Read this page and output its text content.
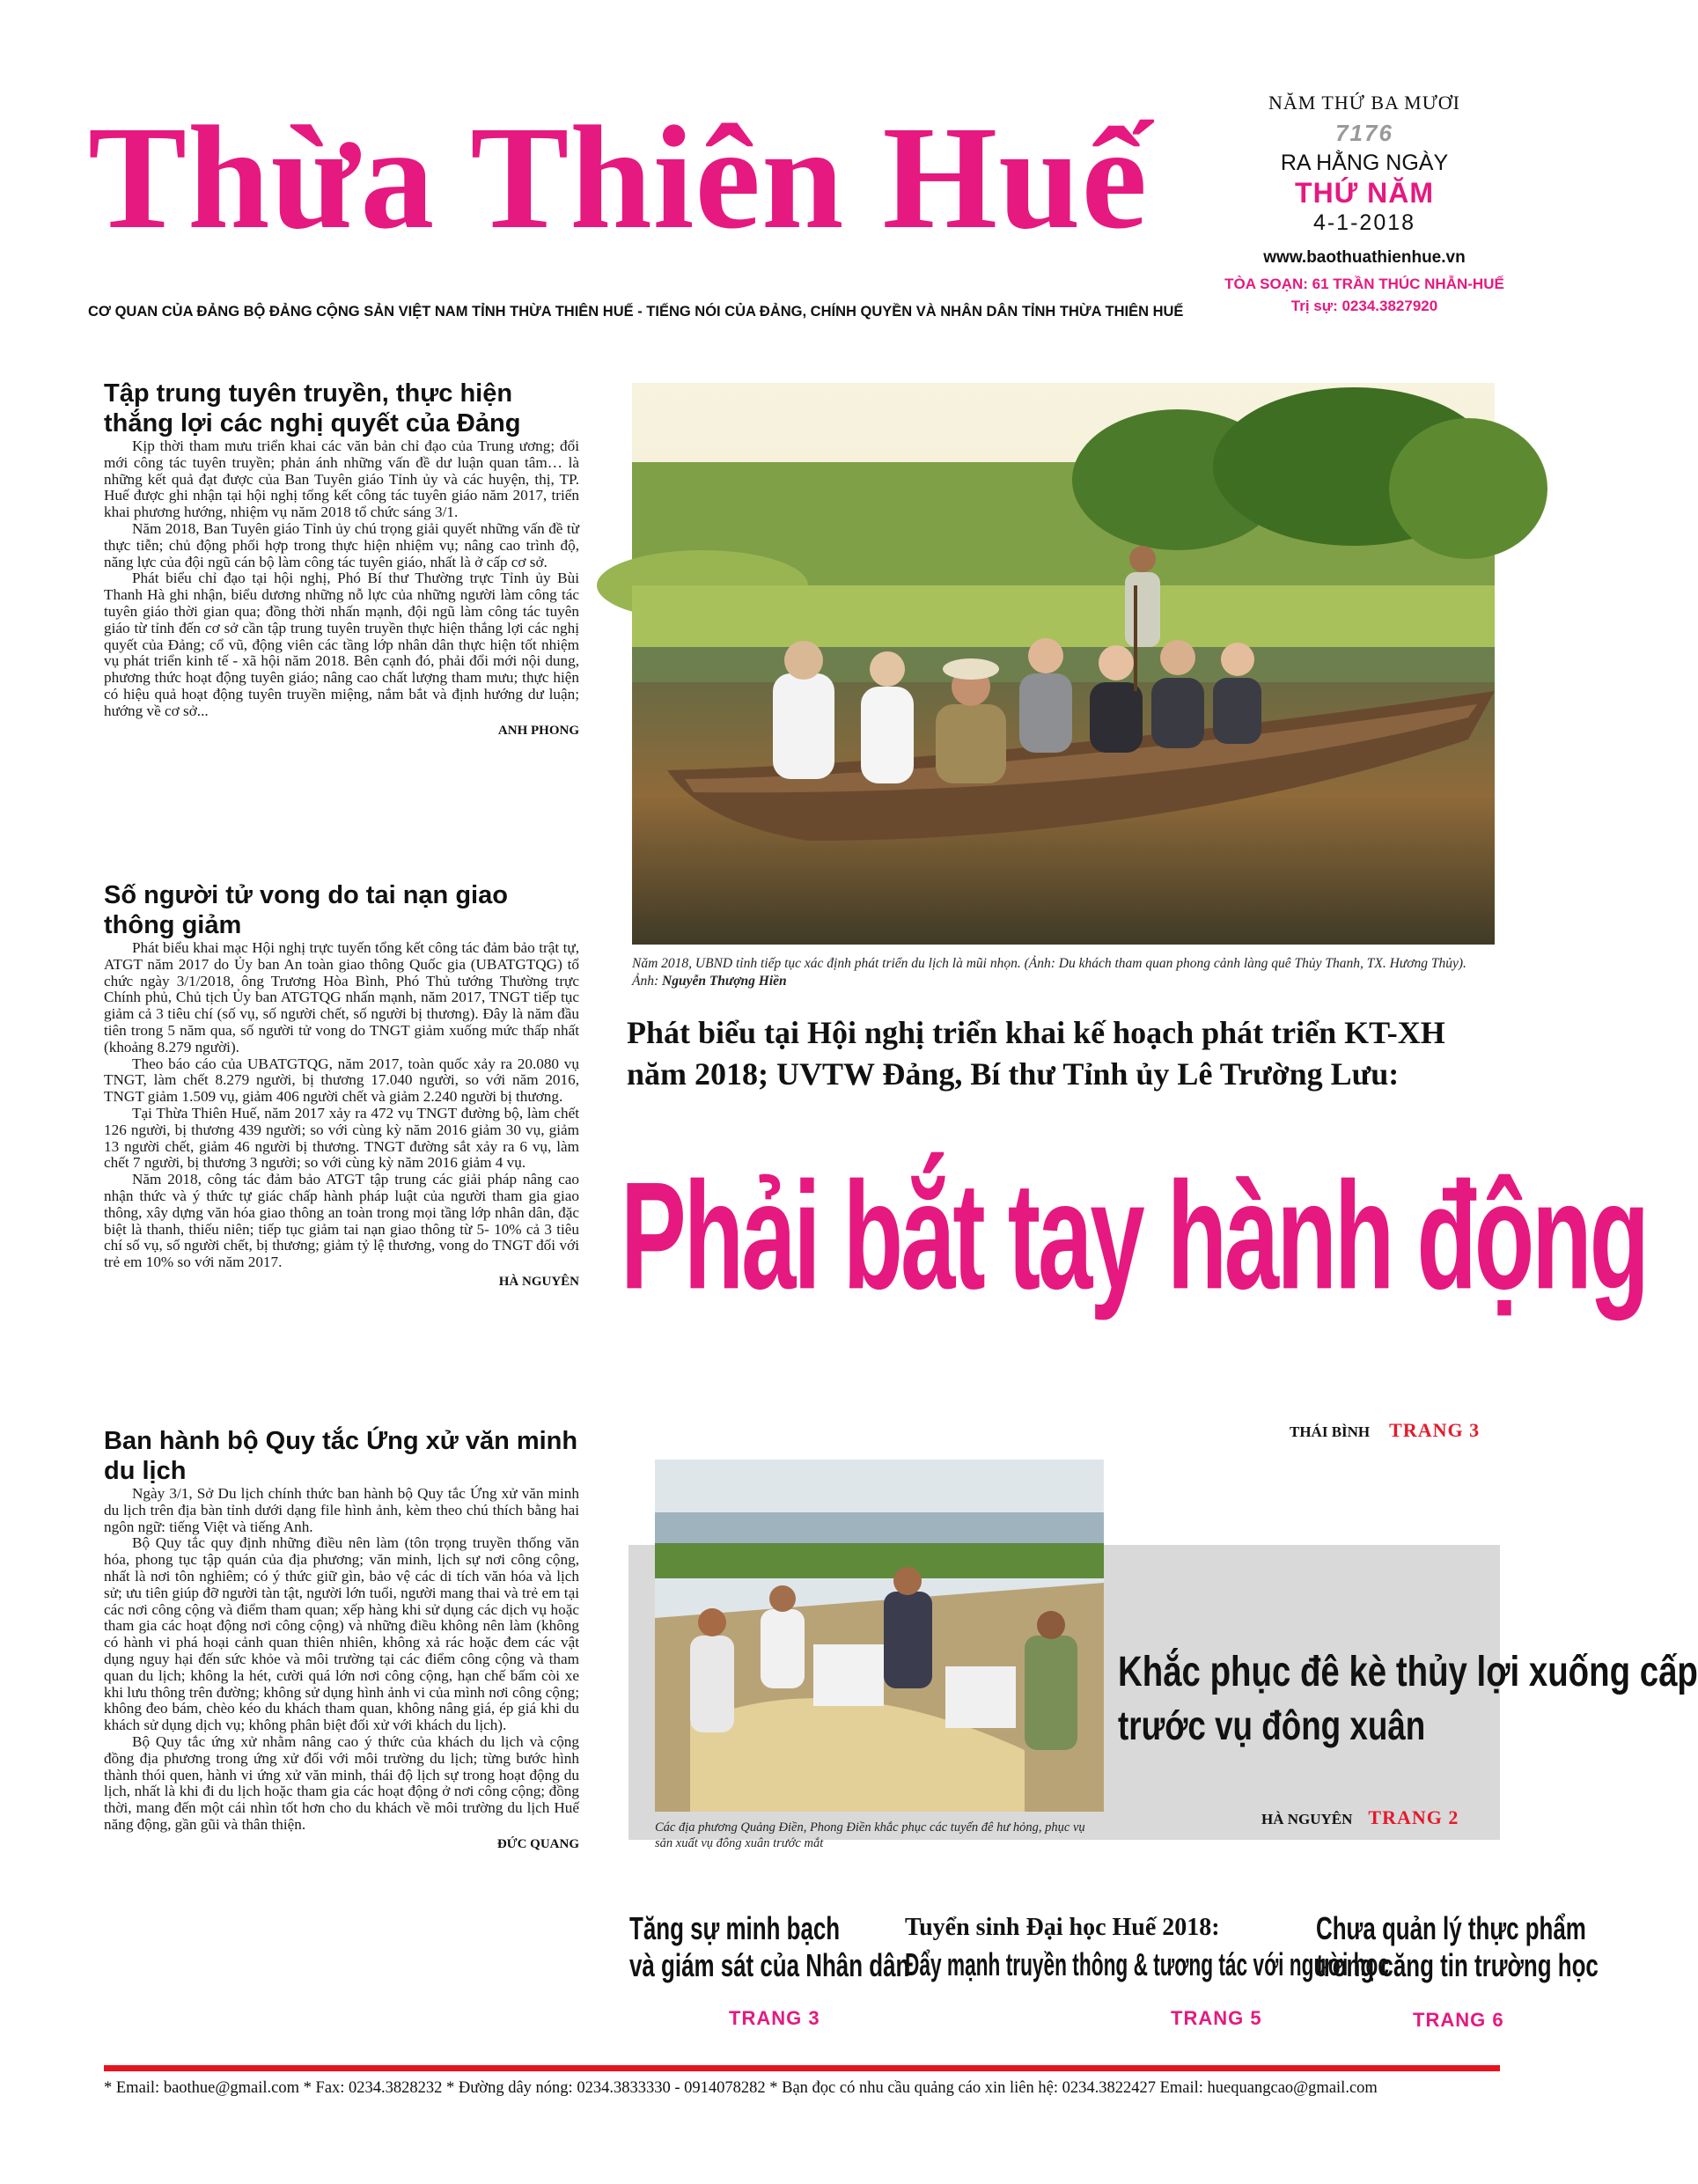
Thừa Thiên Huế
CƠ QUAN CỦA ĐẢNG BỘ ĐẢNG CỘNG SẢN VIỆT NAM TỈNH THỪA THIÊN HUẾ - TIẾNG NÓI CỦA ĐẢNG, CHÍNH QUYỀN VÀ NHÂN DÂN TỈNH THỪA THIÊN HUẾ
NĂM THỨ BA MƯƠI
7176
RA HẰNG NGÀY
THỨ NĂM
4-1-2018
www.baothuathienhue.vn
TÒA SOẠN: 61 TRẦN THÚC NHẪN-HUẾ
Trị sự: 0234.3827920
Tập trung tuyên truyền, thực hiện thắng lợi các nghị quyết của Đảng

Kịp thời tham mưu triển khai các văn bản chỉ đạo của Trung ương; đổi mới công tác tuyên truyền; phản ánh những vấn đề dư luận quan tâm… là những kết quả đạt được của Ban Tuyên giáo Tỉnh ủy và các huyện, thị, TP. Huế được ghi nhận tại hội nghị tổng kết công tác tuyên giáo năm 2017, triển khai phương hướng, nhiệm vụ năm 2018 tổ chức sáng 3/1.

Năm 2018, Ban Tuyên giáo Tỉnh ủy chú trọng giải quyết những vấn đề từ thực tiễn; chủ động phối hợp trong thực hiện nhiệm vụ; nâng cao trình độ, năng lực của đội ngũ cán bộ làm công tác tuyên giáo, nhất là ở cấp cơ sở.

Phát biểu chỉ đạo tại hội nghị, Phó Bí thư Thường trực Tỉnh ủy Bùi Thanh Hà ghi nhận, biểu dương những nỗ lực của những người làm công tác tuyên giáo thời gian qua; đồng thời nhấn mạnh, đội ngũ làm công tác tuyên giáo từ tỉnh đến cơ sở cần tập trung tuyên truyền thực hiện thắng lợi các nghị quyết của Đảng; cổ vũ, động viên các tầng lớp nhân dân thực hiện tốt nhiệm vụ phát triển kinh tế - xã hội năm 2018. Bên cạnh đó, phải đổi mới nội dung, phương thức hoạt động tuyên giáo; nâng cao chất lượng tham mưu; thực hiện có hiệu quả hoạt động tuyên truyền miệng, nắm bắt và định hướng dư luận; hướng về cơ sở...

ANH PHONG
Số người tử vong do tai nạn giao thông giảm

Phát biểu khai mạc Hội nghị trực tuyến tổng kết công tác đảm bảo trật tự, ATGT năm 2017 do Ủy ban An toàn giao thông Quốc gia (UBATGTQG) tổ chức ngày 3/1/2018, ông Trương Hòa Bình, Phó Thủ tướng Thường trực Chính phủ, Chủ tịch Ủy ban ATGTQG nhấn mạnh, năm 2017, TNGT tiếp tục giảm cả 3 tiêu chí (số vụ, số người chết, số người bị thương). Đây là năm đầu tiên trong 5 năm qua, số người tử vong do TNGT giảm xuống mức thấp nhất (khoảng 8.279 người).

Theo báo cáo của UBATGTQG, năm 2017, toàn quốc xảy ra 20.080 vụ TNGT, làm chết 8.279 người, bị thương 17.040 người, so với năm 2016, TNGT giảm 1.509 vụ, giảm 406 người chết và giảm 2.240 người bị thương.

Tại Thừa Thiên Huế, năm 2017 xảy ra 472 vụ TNGT đường bộ, làm chết 126 người, bị thương 439 người; so với cùng kỳ năm 2016 giảm 30 vụ, giảm 13 người chết, giảm 46 người bị thương. TNGT đường sắt xảy ra 6 vụ, làm chết 7 người, bị thương 3 người; so với cùng kỳ năm 2016 giảm 4 vụ.

Năm 2018, công tác đảm bảo ATGT tập trung các giải pháp nâng cao nhận thức và ý thức tự giác chấp hành pháp luật của người tham gia giao thông, xây dựng văn hóa giao thông an toàn trong mọi tầng lớp nhân dân, đặc biệt là thanh, thiếu niên; tiếp tục giảm tai nạn giao thông từ 5- 10% cả 3 tiêu chí số vụ, số người chết, bị thương; giảm tỷ lệ thương, vong do TNGT đối với trẻ em 10% so với năm 2017.

HÀ NGUYÊN
Ban hành bộ Quy tắc Ứng xử văn minh du lịch

Ngày 3/1, Sở Du lịch chính thức ban hành bộ Quy tắc Ứng xử văn minh du lịch trên địa bàn tỉnh dưới dạng file hình ảnh, kèm theo chú thích bằng hai ngôn ngữ: tiếng Việt và tiếng Anh.

Bộ Quy tắc quy định những điều nên làm (tôn trọng truyền thống văn hóa, phong tục tập quán của địa phương; văn minh, lịch sự nơi công cộng, nhất là nơi tôn nghiêm; có ý thức giữ gìn, bảo vệ các di tích văn hóa và lịch sử; ưu tiên giúp đỡ người tàn tật, người lớn tuổi, người mang thai và trẻ em tại các nơi công cộng và điểm tham quan; xếp hàng khi sử dụng các dịch vụ hoặc tham gia các hoạt động nơi công cộng) và những điều không nên làm (không có hành vi phá hoại cảnh quan thiên nhiên, không xả rác hoặc đem các vật dụng nguy hại đến sức khỏe và môi trường tại các điểm công cộng và tham quan du lịch; không la hét, cười quá lớn nơi công cộng, hạn chế bấm còi xe khi lưu thông trên đường; không sử dụng hình ảnh vi của mình nơi công cộng; không đeo bám, chèo kéo du khách tham quan, không nâng giá, ép giá khi du khách sử dụng dịch vụ; không phân biệt đối xử với khách du lịch).

Bộ Quy tắc ứng xử nhằm nâng cao ý thức của khách du lịch và cộng đồng địa phương trong ứng xử đối với môi trường du lịch; từng bước hình thành thói quen, hành vi ứng xử văn minh, thái độ lịch sự trong hoạt động du lịch, nhất là khi đi du lịch hoặc tham gia các hoạt động ở nơi công cộng; đồng thời, mang đến một cái nhìn tốt hơn cho du khách về môi trường du lịch Huế năng động, gần gũi và thân thiện.

ĐỨC QUANG
Năm 2018, UBND tỉnh tiếp tục xác định phát triển du lịch là mũi nhọn. (Ảnh: Du khách tham quan phong cảnh làng quê Thủy Thanh, TX. Hương Thủy). Ảnh: Nguyễn Thượng Hiền
Phát biểu tại Hội nghị triển khai kế hoạch phát triển KT-XH năm 2018; UVTW Đảng, Bí thư Tỉnh ủy Lê Trường Lưu:
Phải bắt tay hành động
THÁI BÌNH TRANG 3
Các địa phương Quảng Điền, Phong Điền khắc phục các tuyến đê hư hỏng, phục vụ sản xuất vụ đông xuân trước mắt
Khắc phục đê kè thủy lợi xuống cấp
trước vụ đông xuân
HÀ NGUYÊN TRANG 2
Tăng sự minh bạch
và giám sát của Nhân dân
TRANG 3
Tuyển sinh Đại học Huế 2018:
Đẩy mạnh truyền thông & tương tác với người học
TRANG 5
Chưa quản lý thực phẩm
trong căng tin trường học
TRANG 6
* Email: baothue@gmail.com * Fax: 0234.3828232 * Đường dây nóng: 0234.3833330 - 0914078282 * Bạn đọc có nhu cầu quảng cáo xin liên hệ: 0234.3822427 Email: huequangcao@gmail.com
